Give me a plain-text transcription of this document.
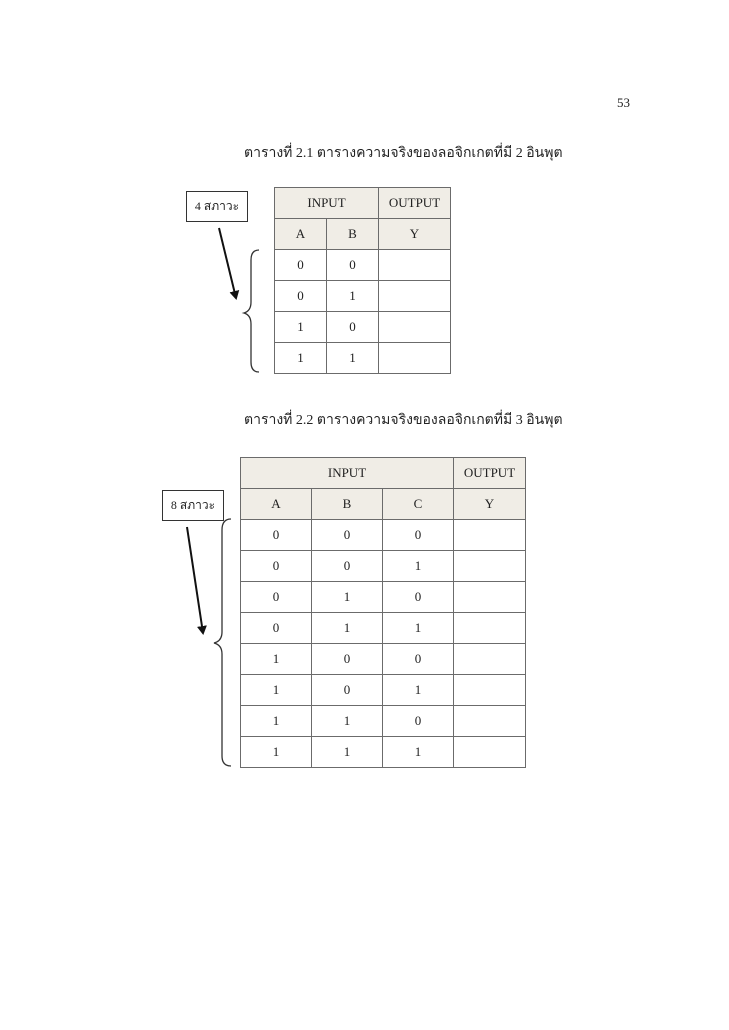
53
ตารางที่ 2.1 ตารางความจริงของลอจิกเกตที่มี 2 อินพุต
4 สภาวะ	INPUT		OUTPUT
A	B	Y
0	0	
0	1	
1	0	
1	1	
ตารางที่ 2.2 ตารางความจริงของลอจิกเกตที่มี 3 อินพุต
8 สภาวะ
INPUT			OUTPUT
A	B	C	Y
0	0	0	
0	0	1	
0	1	0	
0	1	1	
1	0	0	
1	0	1	
1	1	0	
1	1	1	
